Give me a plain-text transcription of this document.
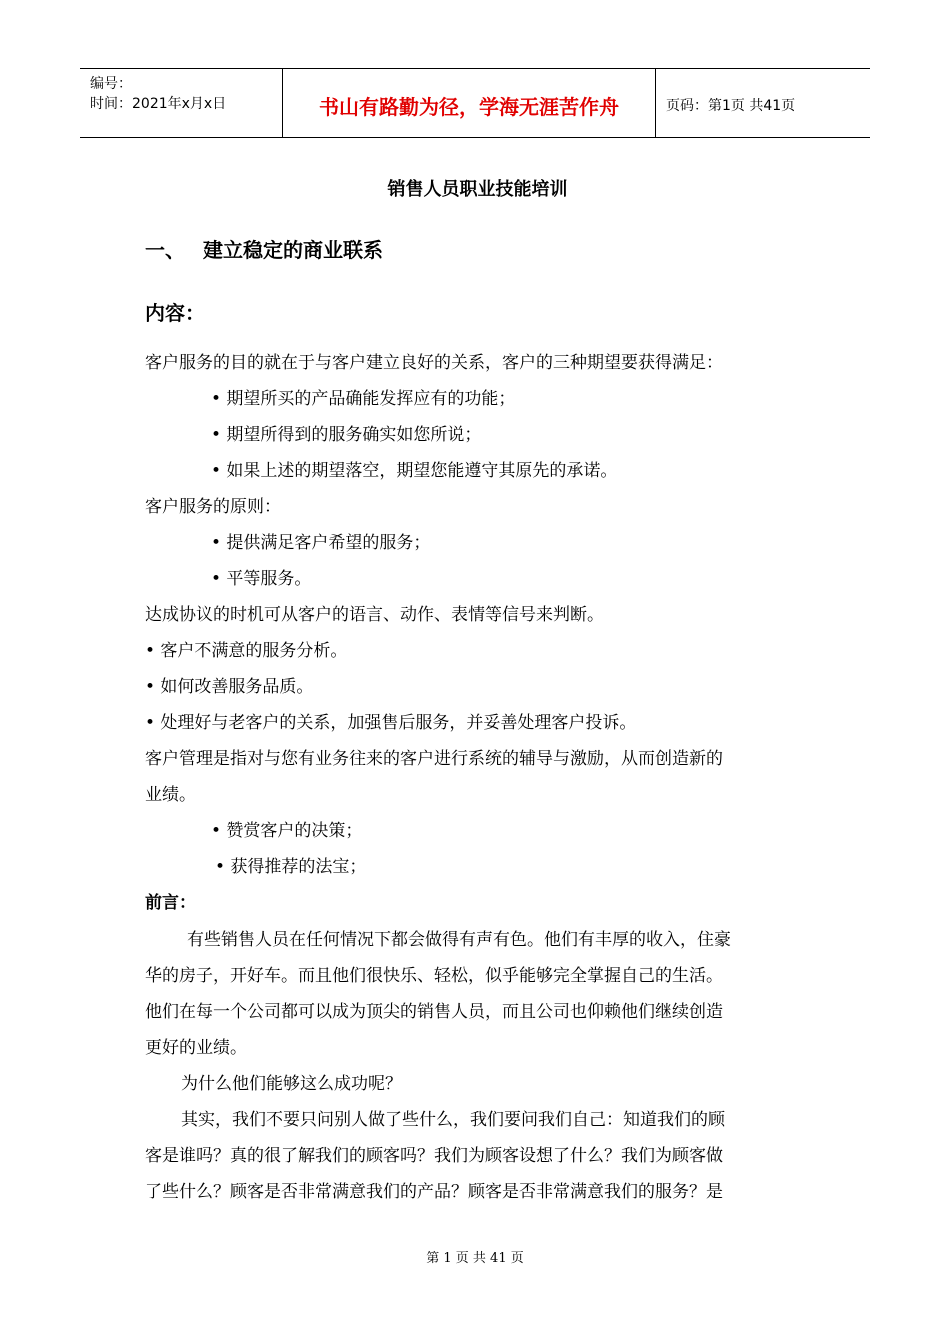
编号：
时间：2021年x月x日	书山有路勤为径，学海无涯苦作舟	页码：第1页 共41页
销售人员职业技能培训
一、 建立稳定的商业联系
内容：
客户服务的目的就在于与客户建立良好的关系，客户的三种期望要获得满足：
• 期望所买的产品确能发挥应有的功能；
• 期望所得到的服务确实如您所说；
• 如果上述的期望落空，期望您能遵守其原先的承诺。
客户服务的原则：
• 提供满足客户希望的服务；
• 平等服务。
达成协议的时机可从客户的语言、动作、表情等信号来判断。
• 客户不满意的服务分析。
• 如何改善服务品质。
• 处理好与老客户的关系，加强售后服务，并妥善处理客户投诉。
客户管理是指对与您有业务往来的客户进行系统的辅导与激励，从而创造新的
业绩。
• 赞赏客户的决策；
• 获得推荐的法宝；
前言：
有些销售人员在任何情况下都会做得有声有色。他们有丰厚的收入，住豪
华的房子，开好车。而且他们很快乐、轻松，似乎能够完全掌握自己的生活。
他们在每一个公司都可以成为顶尖的销售人员，而且公司也仰赖他们继续创造
更好的业绩。
为什么他们能够这么成功呢？
其实，我们不要只问别人做了些什么，我们要问我们自己：知道我们的顾
客是谁吗？真的很了解我们的顾客吗？我们为顾客设想了什么？我们为顾客做
了些什么？顾客是否非常满意我们的产品？顾客是否非常满意我们的服务？是
第 1 页 共 41 页
